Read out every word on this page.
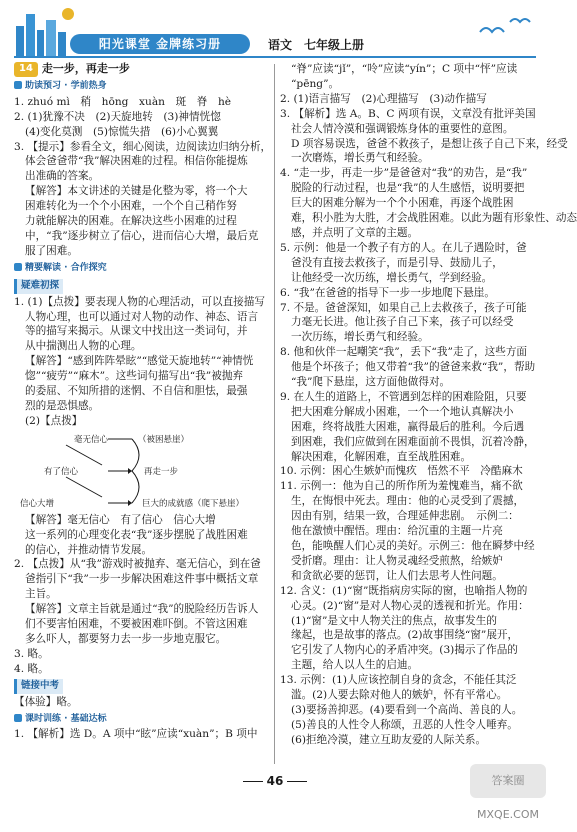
阳光课堂 金牌练习册	语文　七年级上册
14 走一步，再走一步
助读预习 · 学前热身

1. zhuó mì　稍　hōng　xuàn　斑　脊　hè

2. (1)犹豫不决　(2)天旋地转　(3)神情恍惚

(4)变化莫测　(5)惊慌失措　(6)小心翼翼

3. 【提示】参看全文，细心阅读，边阅读边归纳分析，

体会爸爸带“我”解决困难的过程。相信你能提炼

出准确的答案。

【解答】本文讲述的关键是化整为零，将一个大

困难转化为一个个小困难，一个个自己稍作努

力就能解决的困难。在解决这些小困难的过程

中，“我”逐步树立了信心，进而信心大增，最后克

服了困难。

精要解读 · 合作探究
疑难初探

1. (1)【点拨】要表现人物的心理活动，可以直接描写

人物心理，也可以通过对人物的动作、神态、语言

等的描写来揭示。从课文中找出这一类词句，并

从中揣测出人物的心理。

【解答】“感到阵阵晕眩”“感觉天旋地转”“神情恍

惚”“疲劳”“麻木”。这些词句描写出“我”被抛弃

的委屈、不知所措的迷惘、不自信和胆怯，最强

烈的是恐惧感。

(2)【点拨】

毫无信心	（被困悬崖）
有了信心	再走一步
信心大增	巨大的成就感（爬下悬崖）

【解答】毫无信心　有了信心　信心大增

这一系列的心理变化表“我”逐步摆脱了战胜困难

的信心，并推动情节发展。

2. 【点拨】从“我”游戏时被抛弃、毫无信心，到在爸

爸指引下“我”一步一步解决困难这件事中概括文章

主旨。

【解答】文章主旨就是通过“我”的脱险经历告诉人

们不要害怕困难，不要被困难吓倒。不管这困难

多么吓人，都要努力去一步一步地克服它。

3. 略。

4. 略。

链接中考

【体验】略。

课时训练 · 基础达标

1. 【解析】选 D。A 项中“眩”应读“xuàn”；B 项中

“脊”应读“jǐ”，“呤”应读“yín”；C 项中“怦”应读

“pēng”。

2. (1)语言描写　(2)心理描写　(3)动作描写

3. 【解析】选 A。B、C 两项有误，文章没有批评美国

社会人情冷漠和强调锻炼身体的重要性的意图。

D 项容易误选，爸爸不救孩子，是想让孩子自己下来，经受

一次磨炼，增长勇气和经验。

4. “走一步，再走一步”是爸爸对“我”的劝告，是“我”

脱险的行动过程，也是“我”的人生感悟，说明要把

巨大的困难分解为一个个小困难，再逐个战胜困

难，积小胜为大胜，才会战胜困难。以此为题有形象性、动态

感，并点明了文章的主题。

5. 示例：他是一个教子有方的人。在儿子遇险时，爸

爸没有直接去救孩子，而是引导、鼓励儿子，

让他经受一次历练，增长勇气，学到经验。

6. “我”在爸爸的指导下一步一步地爬下悬崖。

7. 不是。爸爸深知，如果自己上去救孩子，孩子可能

力毫无长进。他让孩子自己下来，孩子可以经受

一次历练，增长勇气和经验。

8. 他和伙伴一起嘲笑“我”，丢下“我”走了，这些方面

他是个坏孩子；他又带着“我”的爸爸来救“我”，帮助

“我”爬下悬崖，这方面他做得对。

9. 在人生的道路上，不管遇到怎样的困难险阻，只要

把大困难分解成小困难，一个一个地认真解决小

困难，终将战胜大困难，赢得最后的胜利。今后遇

到困难，我们应做到在困难面前不畏惧，沉着冷静，

解决困难，化解困难，直至战胜困难。

10. 示例：困心生嫉妒而愧疚　悟然不平　冷酷麻木

11. 示例一：他为自己的所作所为羞愧难当，痛不欲

生，在悔恨中死去。理由：他的心灵受到了震撼，

因由有别，结果一致，合理延伸悲剧。　示例二：

他在激愤中醒悟。理由：给沉重的主题一片亮

色，能唤醒人们心灵的美好。示例三：他在瞬梦中经

受折磨。理由：让人物灵魂经受煎熬，给嫉妒

和贪欲必要的惩罚，让人们去思考人性问题。

12. 含义：(1)“窗”既指病房实际的窗，也喻指人物的

心灵。(2)“窗”是对人物心灵的透视和折光。作用：

(1)“窗”是文中人物关注的焦点，故事发生的

缘起，也是故事的落点。(2)故事围绕“窗”展开，

它引发了人物内心的矛盾冲突。(3)揭示了作品的

主题，给人以人生的启迪。

13. 示例：(1)人应该控制自身的贪念，不能任其泛

滥。(2)人要去除对他人的嫉妒，怀有平常心。

(3)要扬善抑恶。(4)要看到一个高尚、善良的人。

(5)善良的人性令人称颂，丑恶的人性令人唾弃。

(6)拒绝冷漠，建立互助友爱的人际关系。

46	答案圈 MXQE.COM
